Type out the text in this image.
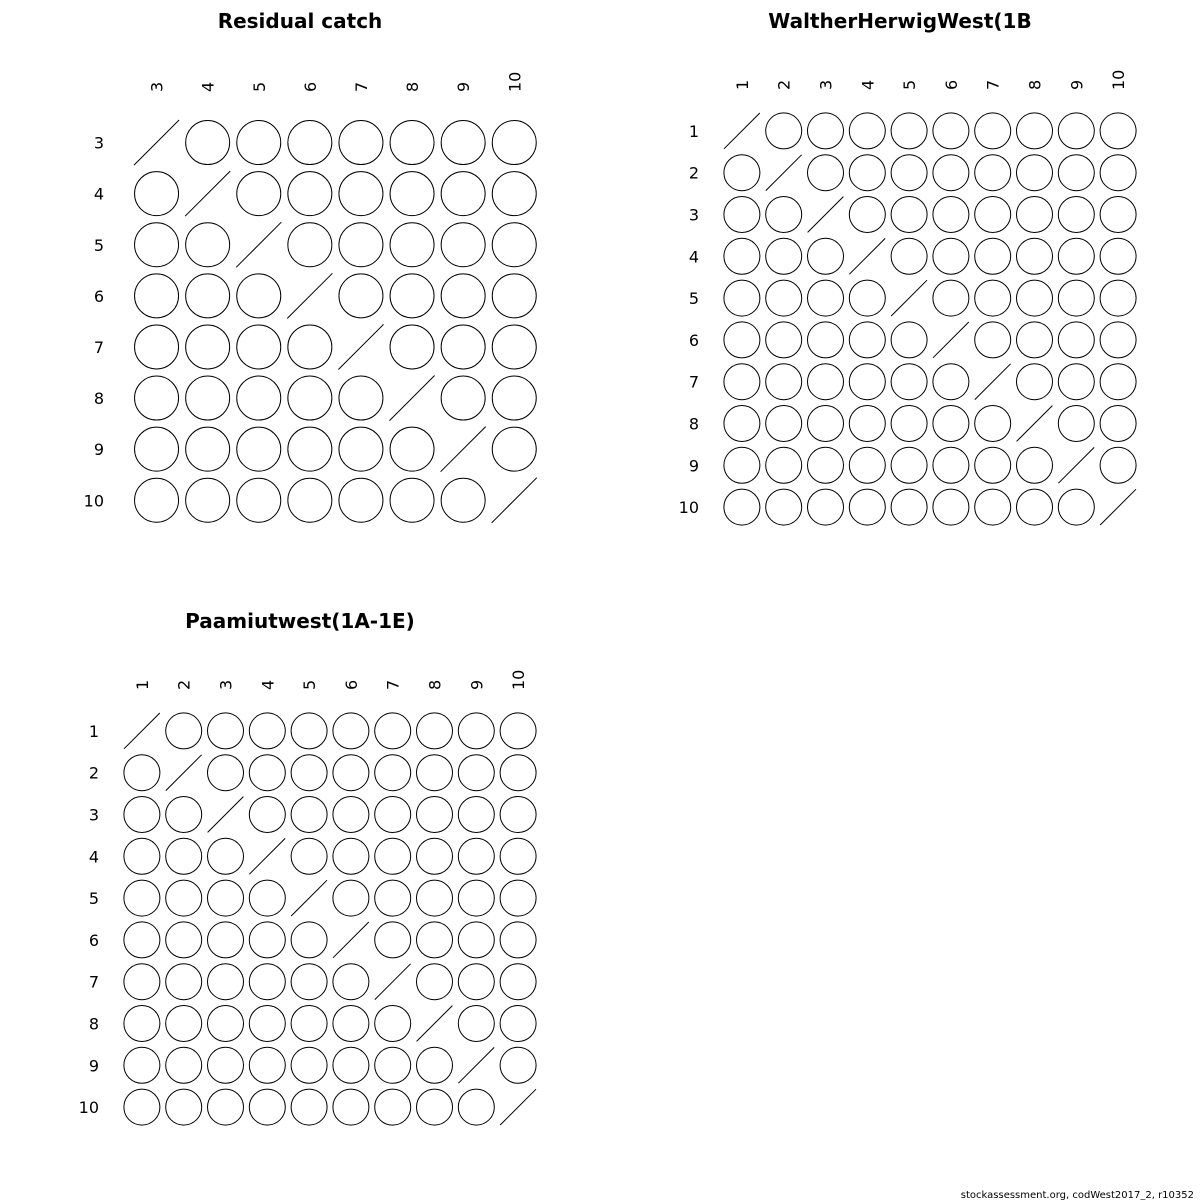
Residual catch
3
3
4
4
5
5
6
6
7
7
8
8
9
9
10
10
WaltherHerwigWest(1B
1
1
2
2
3
3
4
4
5
5
6
6
7
7
8
8
9
9
10
10
Paamiutwest(1A-1E)
1
1
2
2
3
3
4
4
5
5
6
6
7
7
8
8
9
9
10
10
stockassessment.org, codWest2017_2, r10352
